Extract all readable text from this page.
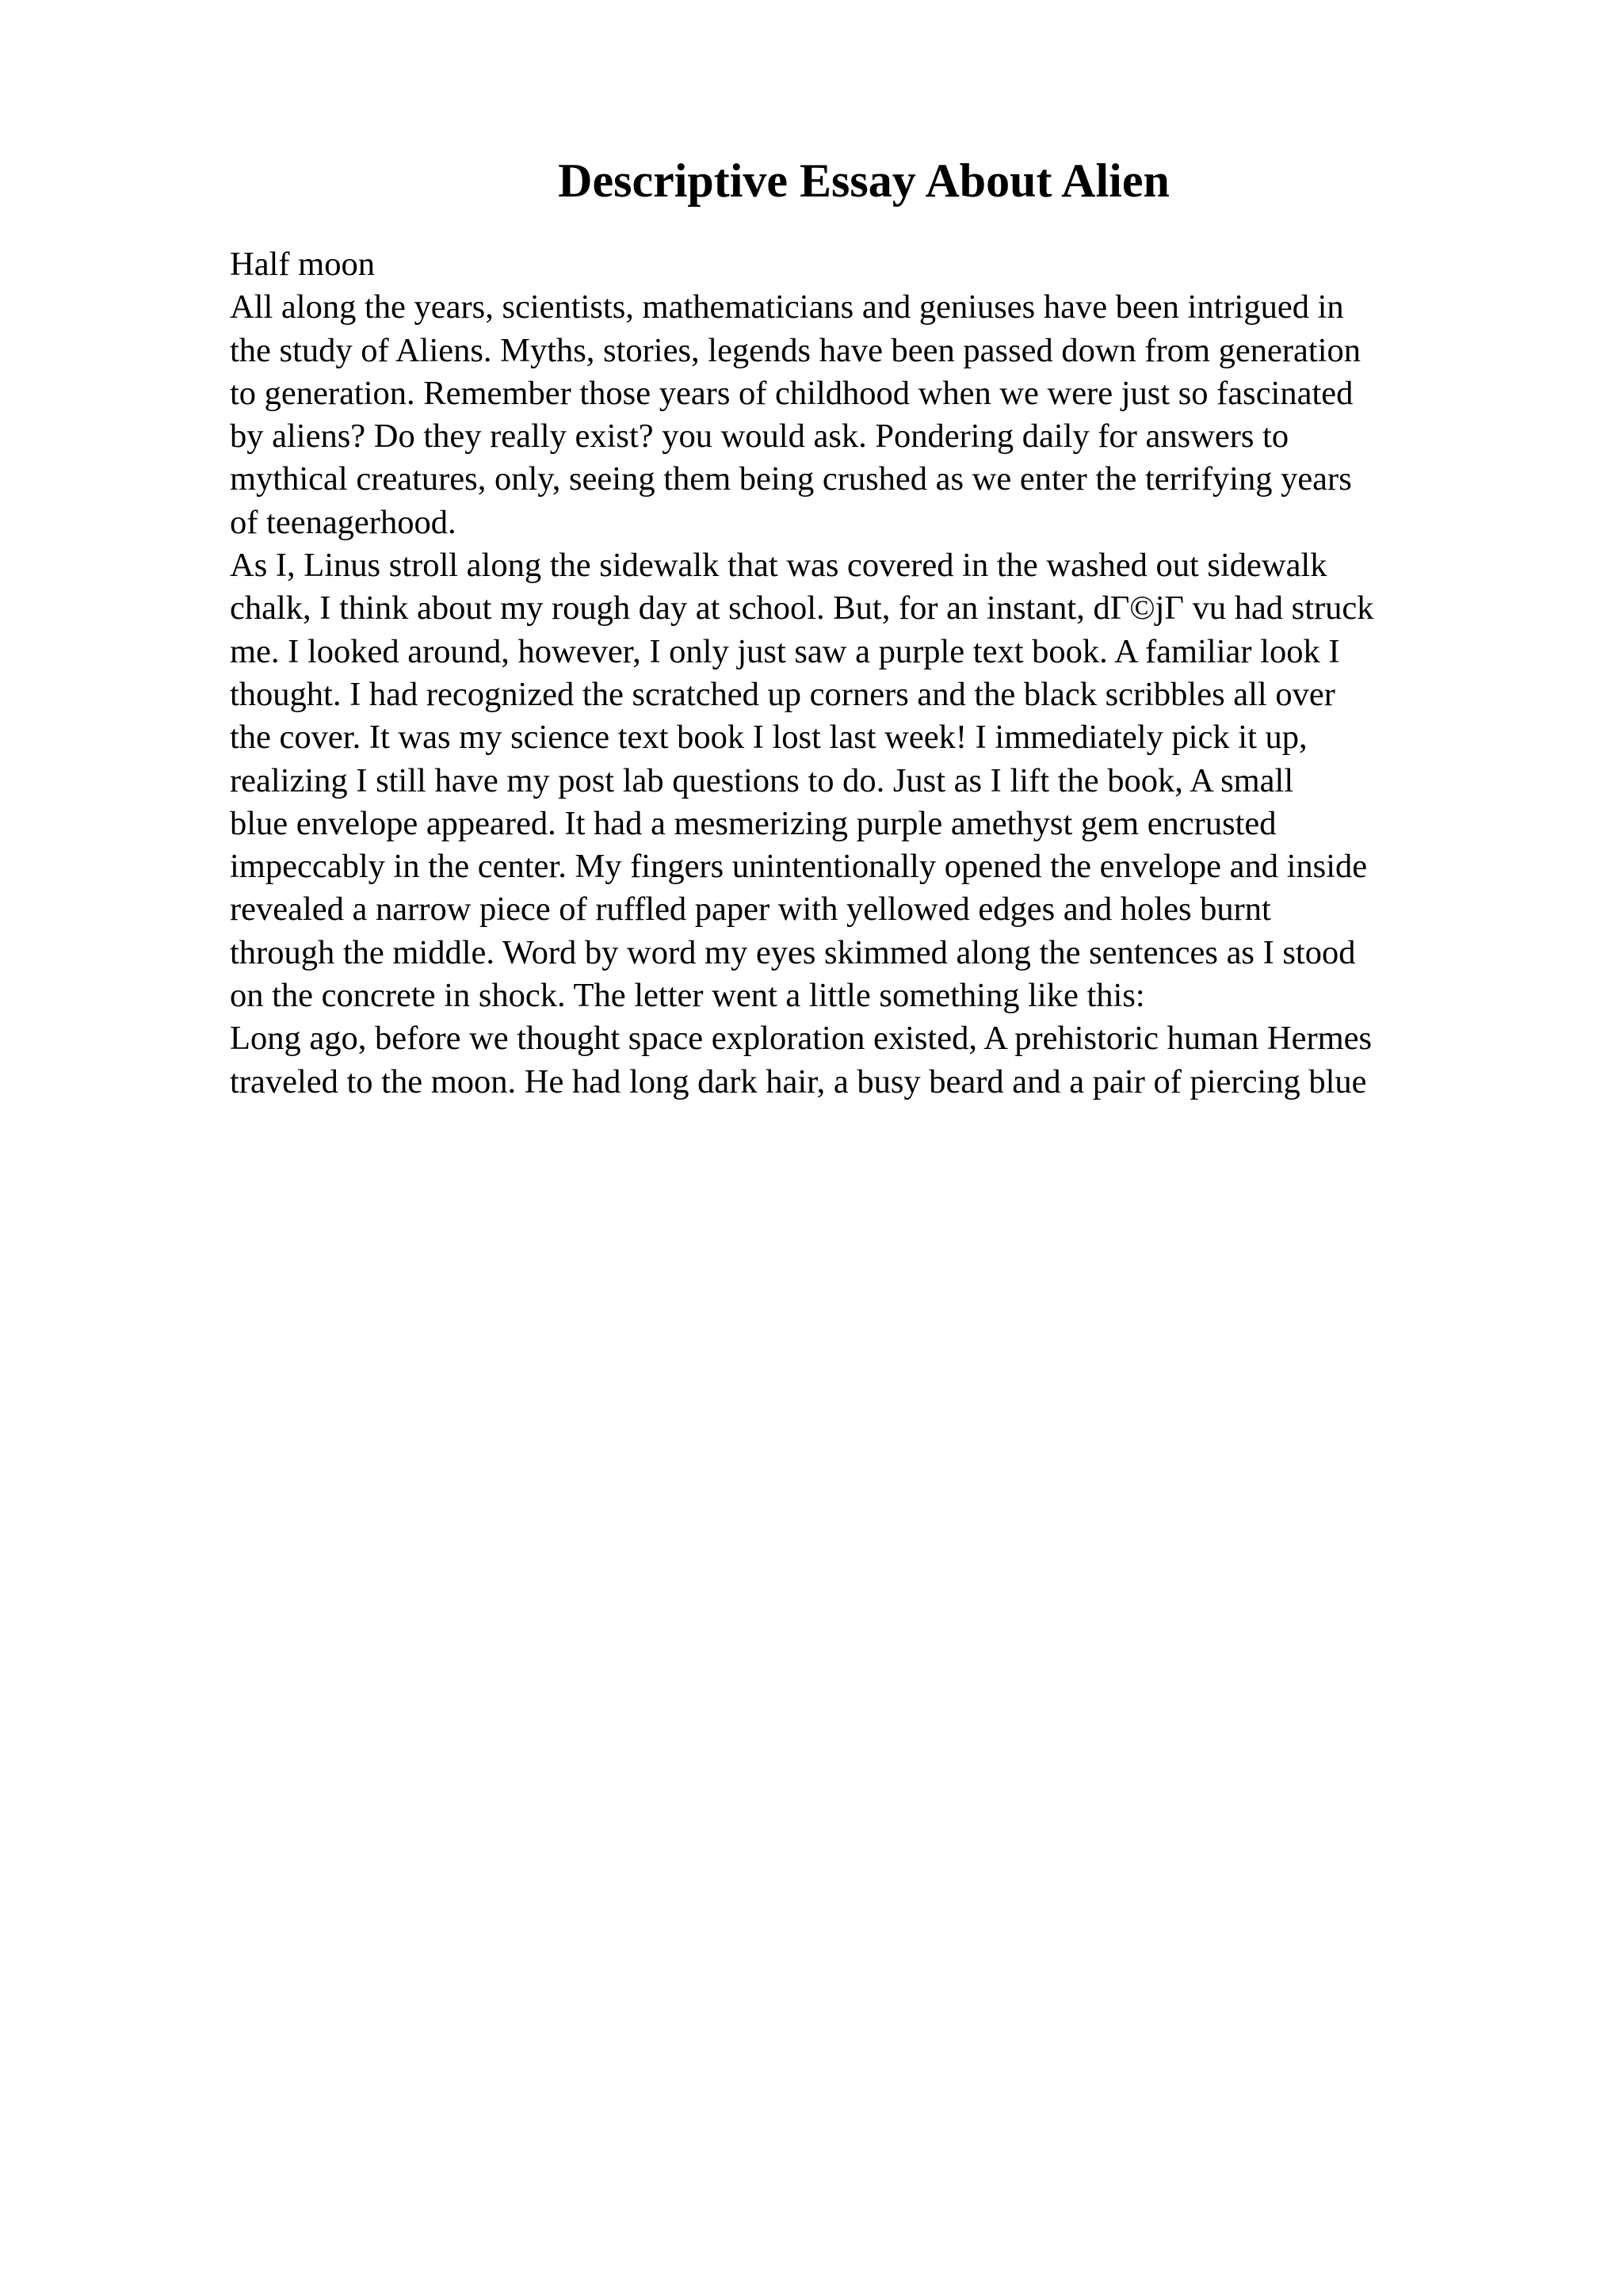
Descriptive Essay About Alien
Half moon
All along the years, scientists, mathematicians and geniuses have been intrigued in
the study of Aliens. Myths, stories, legends have been passed down from generation
to generation. Remember those years of childhood when we were just so fascinated
by aliens? Do they really exist? you would ask. Pondering daily for answers to
mythical creatures, only, seeing them being crushed as we enter the terrifying years
of teenagerhood.
As I, Linus stroll along the sidewalk that was covered in the washed out sidewalk
chalk, I think about my rough day at school. But, for an instant, dΓ©jΓ vu had struck
me. I looked around, however, I only just saw a purple text book. A familiar look I
thought. I had recognized the scratched up corners and the black scribbles all over
the cover. It was my science text book I lost last week! I immediately pick it up,
realizing I still have my post lab questions to do. Just as I lift the book, A small
blue envelope appeared. It had a mesmerizing purple amethyst gem encrusted
impeccably in the center. My fingers unintentionally opened the envelope and inside
revealed a narrow piece of ruffled paper with yellowed edges and holes burnt
through the middle. Word by word my eyes skimmed along the sentences as I stood
on the concrete in shock. The letter went a little something like this:
Long ago, before we thought space exploration existed, A prehistoric human Hermes
traveled to the moon. He had long dark hair, a busy beard and a pair of piercing blue
